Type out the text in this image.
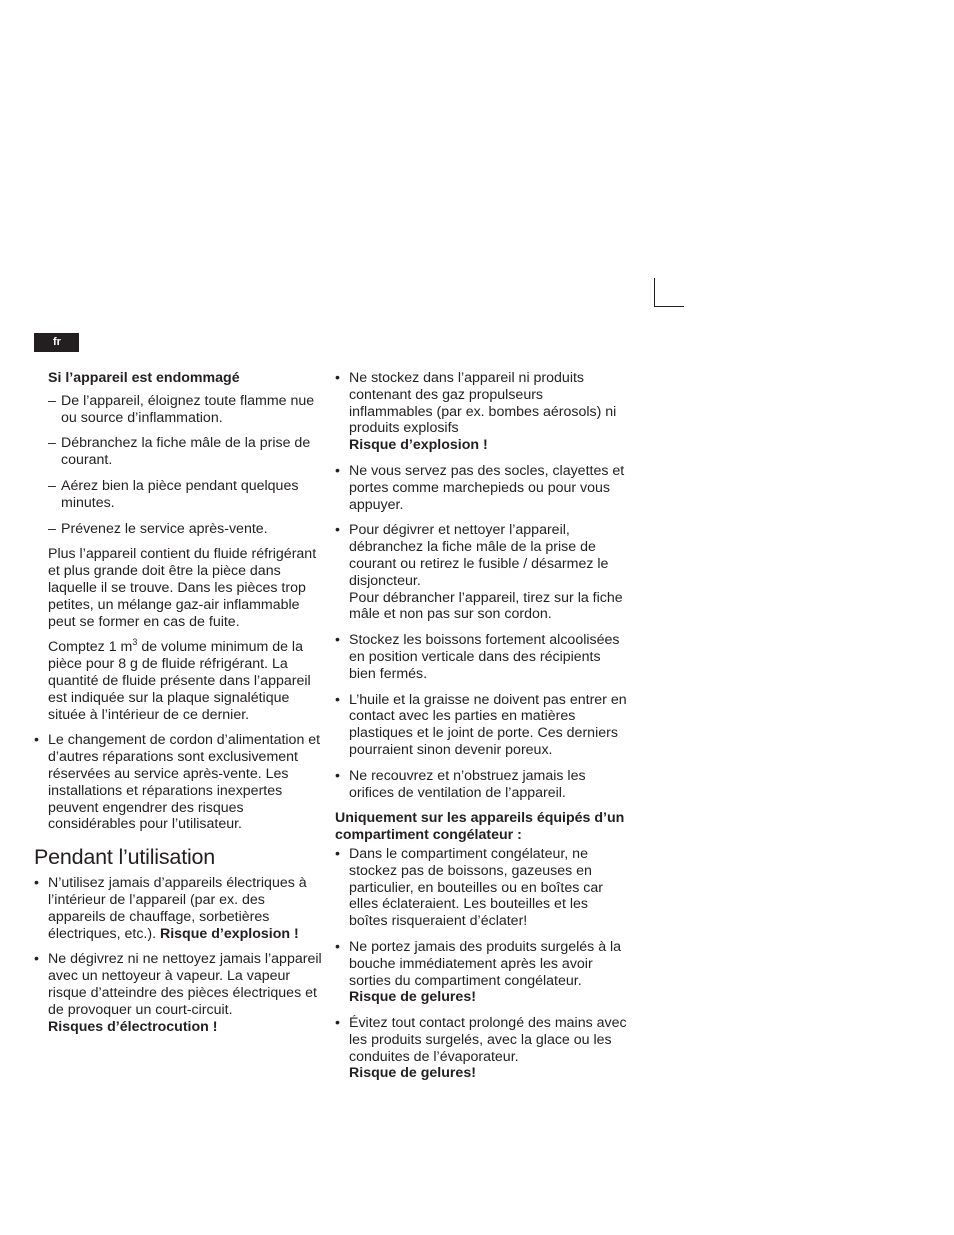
fr

Si l’appareil est endommagé

– De l’appareil, éloignez toute flamme nue ou source d’inflammation.
– Débranchez la fiche mâle de la prise de courant.
– Aérez bien la pièce pendant quelques minutes.
– Prévenez le service après-vente.

Plus l’appareil contient du fluide réfrigérant et plus grande doit être la pièce dans laquelle il se trouve. Dans les pièces trop petites, un mélange gaz-air inflammable peut se former en cas de fuite.

Comptez 1 $m^3$ de volume minimum de la pièce pour 8 g de fluide réfrigérant. La quantité de fluide présente dans l’appareil est indiquée sur la plaque signalétique située à l’intérieur de ce dernier.

• Le changement de cordon d’alimentation et d’autres réparations sont exclusivement réservées au service après-vente. Les installations et réparations inexpertes peuvent engendrer des risques considérables pour l’utilisateur.
Pendant l’utilisation
• N’utilisez jamais d’appareils électriques à l’intérieur de l’appareil (par ex. des appareils de chauffage, sorbetières électriques, etc.). Risque d’explosion !
• Ne dégivrez ni ne nettoyez jamais l’appareil avec un nettoyeur à vapeur. La vapeur risque d’atteindre des pièces électriques et de provoquer un court-circuit.
Risques d’électrocution !
• Ne stockez dans l’appareil ni produits contenant des gaz propulseurs inflammables (par ex. bombes aérosols) ni produits explosifs
Risque d’explosion !
• Ne vous servez pas des socles, clayettes et portes comme marchepieds ou pour vous appuyer.
• Pour dégivrer et nettoyer l’appareil, débranchez la fiche mâle de la prise de courant ou retirez le fusible / désarmez le disjoncteur.
Pour débrancher l’appareil, tirez sur la fiche mâle et non pas sur son cordon.
• Stockez les boissons fortement alcoolisées en position verticale dans des récipients bien fermés.
• L’huile et la graisse ne doivent pas entrer en contact avec les parties en matières plastiques et le joint de porte. Ces derniers pourraient sinon devenir poreux.
• Ne recouvrez et n’obstruez jamais les orifices de ventilation de l’appareil.

Uniquement sur les appareils équipés d’un compartiment congélateur :

• Dans le compartiment congélateur, ne stockez pas de boissons, gazeuses en particulier, en bouteilles ou en boîtes car elles éclateraient. Les bouteilles et les boîtes risqueraient d’éclater!
• Ne portez jamais des produits surgelés à la bouche immédiatement après les avoir sorties du compartiment congélateur.
Risque de gelures!
• Évitez tout contact prolongé des mains avec les produits surgelés, avec la glace ou les conduites de l’évaporateur.
Risque de gelures!
